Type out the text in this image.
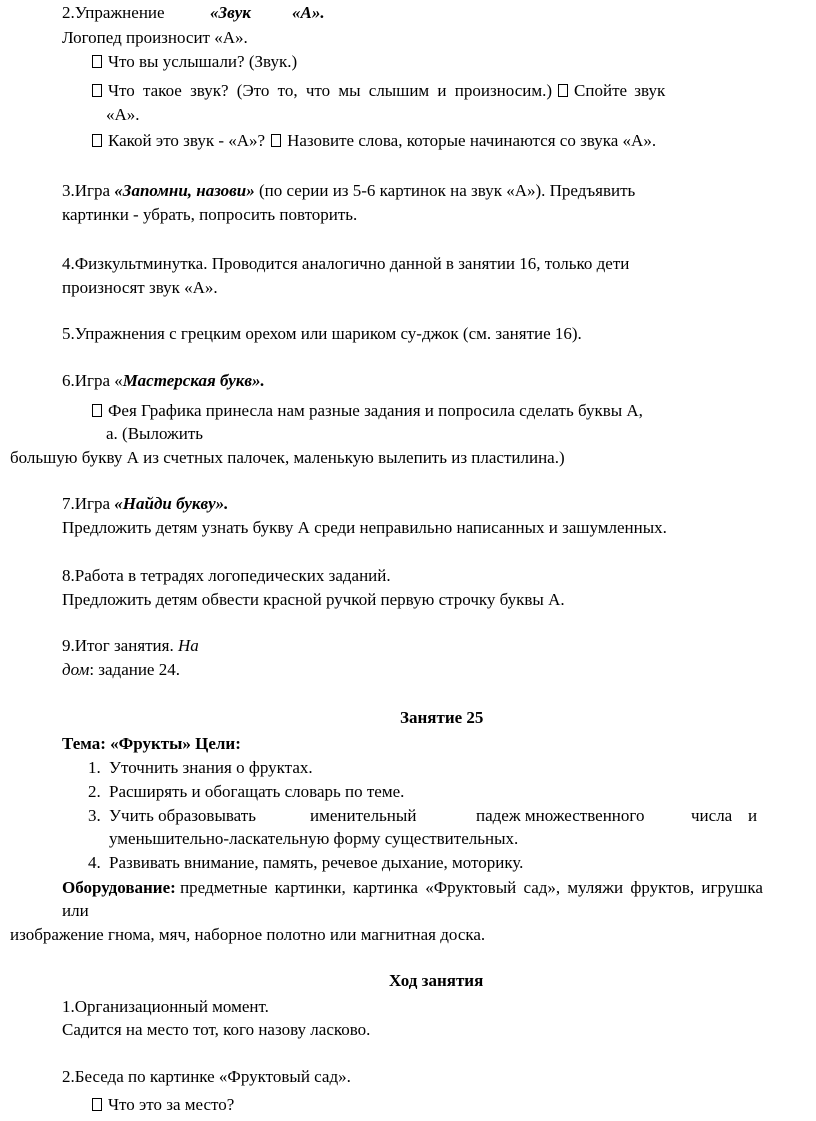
2.Упражнение	«Звук «А».
Логопед произносит «А».
Что вы услышали? (Звук.)
Что такое звук? (Это то, что мы слышим и произносим.) Спойте звук
«А».
Какой это звук - «А»? Назовите слова, которые начинаются со звука «А».
3.Игра «Запомни, назови» (по серии из 5-6 картинок на звук «А»). Предъявить
картинки - убрать, попросить повторить.
4.Физкультминутка. Проводится аналогично данной в занятии 16, только дети
произносят звук «А».
5.Упражнения с грецким орехом или шариком су-джок (см. занятие 16).
6.Игра «Мастерская букв».
Фея Графика принесла нам разные задания и попросила сделать буквы А,
а. (Выложить
большую букву А из счетных палочек, маленькую вылепить из пластилина.)
7.Игра «Найди букву».
Предложить детям узнать букву А среди неправильно написанных и зашумленных.
8.Работа в тетрадях логопедических заданий.
Предложить детям обвести красной ручкой первую строчку буквы А.
9.Итог занятия. На
дом: задание 24.
Занятие 25
Тема: «Фрукты» Цели:
1. Уточнить знания о фруктах.
2. Расширять и обогащать словарь по теме.
3. Учить образовывать	именительный	падеж множественного	числа и
уменьшительно-ласкательную форму существительных.
4. Развивать внимание, память, речевое дыхание, моторику.
Оборудование: предметные картинки, картинка «Фруктовый сад», муляжи фруктов, игрушка
или
изображение гнома, мяч, наборное полотно или магнитная доска.
Ход занятия
1.Организационный момент.
Садится на место тот, кого назову ласково.
2.Беседа по картинке «Фруктовый сад».
Что это за место?
